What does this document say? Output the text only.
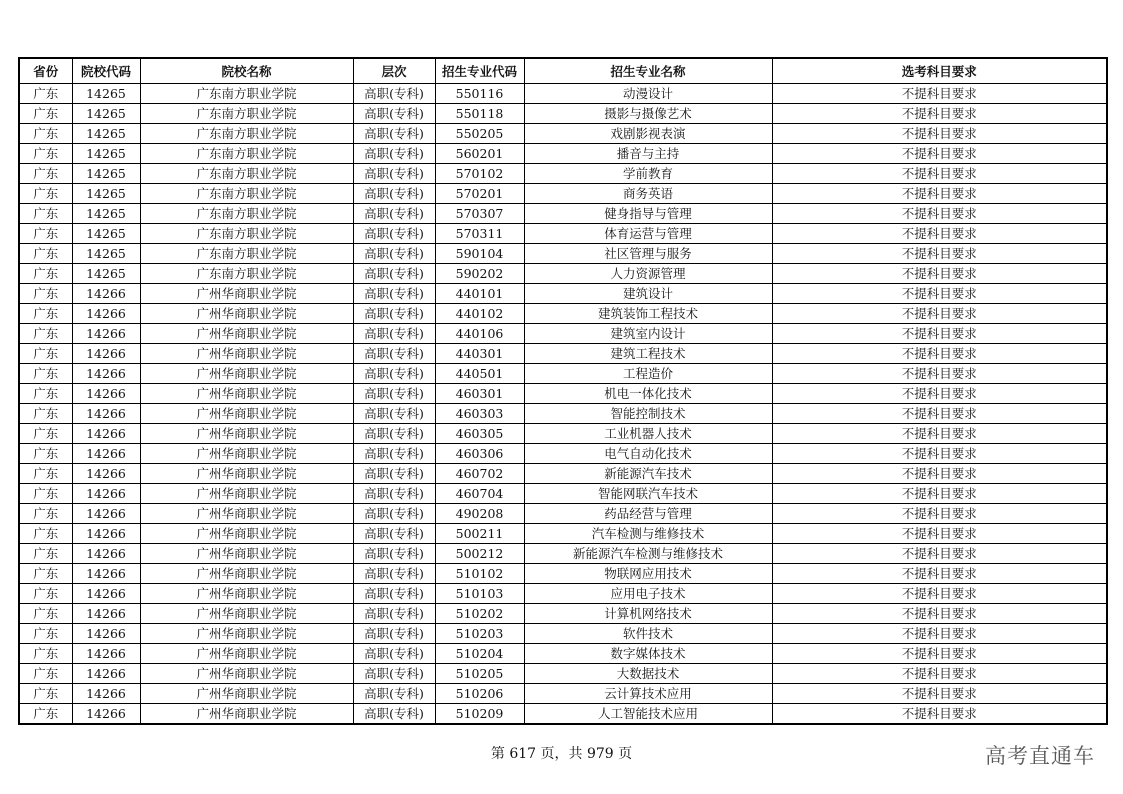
省份	院校代码	院校名称	层次	招生专业代码	招生专业名称	选考科目要求
广东	14265	广东南方职业学院	高职(专科)	550116	动漫设计	不提科目要求
广东	14265	广东南方职业学院	高职(专科)	550118	摄影与摄像艺术	不提科目要求
广东	14265	广东南方职业学院	高职(专科)	550205	戏剧影视表演	不提科目要求
广东	14265	广东南方职业学院	高职(专科)	560201	播音与主持	不提科目要求
广东	14265	广东南方职业学院	高职(专科)	570102	学前教育	不提科目要求
广东	14265	广东南方职业学院	高职(专科)	570201	商务英语	不提科目要求
广东	14265	广东南方职业学院	高职(专科)	570307	健身指导与管理	不提科目要求
广东	14265	广东南方职业学院	高职(专科)	570311	体育运营与管理	不提科目要求
广东	14265	广东南方职业学院	高职(专科)	590104	社区管理与服务	不提科目要求
广东	14265	广东南方职业学院	高职(专科)	590202	人力资源管理	不提科目要求
广东	14266	广州华商职业学院	高职(专科)	440101	建筑设计	不提科目要求
广东	14266	广州华商职业学院	高职(专科)	440102	建筑装饰工程技术	不提科目要求
广东	14266	广州华商职业学院	高职(专科)	440106	建筑室内设计	不提科目要求
广东	14266	广州华商职业学院	高职(专科)	440301	建筑工程技术	不提科目要求
广东	14266	广州华商职业学院	高职(专科)	440501	工程造价	不提科目要求
广东	14266	广州华商职业学院	高职(专科)	460301	机电一体化技术	不提科目要求
广东	14266	广州华商职业学院	高职(专科)	460303	智能控制技术	不提科目要求
广东	14266	广州华商职业学院	高职(专科)	460305	工业机器人技术	不提科目要求
广东	14266	广州华商职业学院	高职(专科)	460306	电气自动化技术	不提科目要求
广东	14266	广州华商职业学院	高职(专科)	460702	新能源汽车技术	不提科目要求
广东	14266	广州华商职业学院	高职(专科)	460704	智能网联汽车技术	不提科目要求
广东	14266	广州华商职业学院	高职(专科)	490208	药品经营与管理	不提科目要求
广东	14266	广州华商职业学院	高职(专科)	500211	汽车检测与维修技术	不提科目要求
广东	14266	广州华商职业学院	高职(专科)	500212	新能源汽车检测与维修技术	不提科目要求
广东	14266	广州华商职业学院	高职(专科)	510102	物联网应用技术	不提科目要求
广东	14266	广州华商职业学院	高职(专科)	510103	应用电子技术	不提科目要求
广东	14266	广州华商职业学院	高职(专科)	510202	计算机网络技术	不提科目要求
广东	14266	广州华商职业学院	高职(专科)	510203	软件技术	不提科目要求
广东	14266	广州华商职业学院	高职(专科)	510204	数字媒体技术	不提科目要求
广东	14266	广州华商职业学院	高职(专科)	510205	大数据技术	不提科目要求
广东	14266	广州华商职业学院	高职(专科)	510206	云计算技术应用	不提科目要求
广东	14266	广州华商职业学院	高职(专科)	510209	人工智能技术应用	不提科目要求
第 617 页，共 979 页	高考直通车
